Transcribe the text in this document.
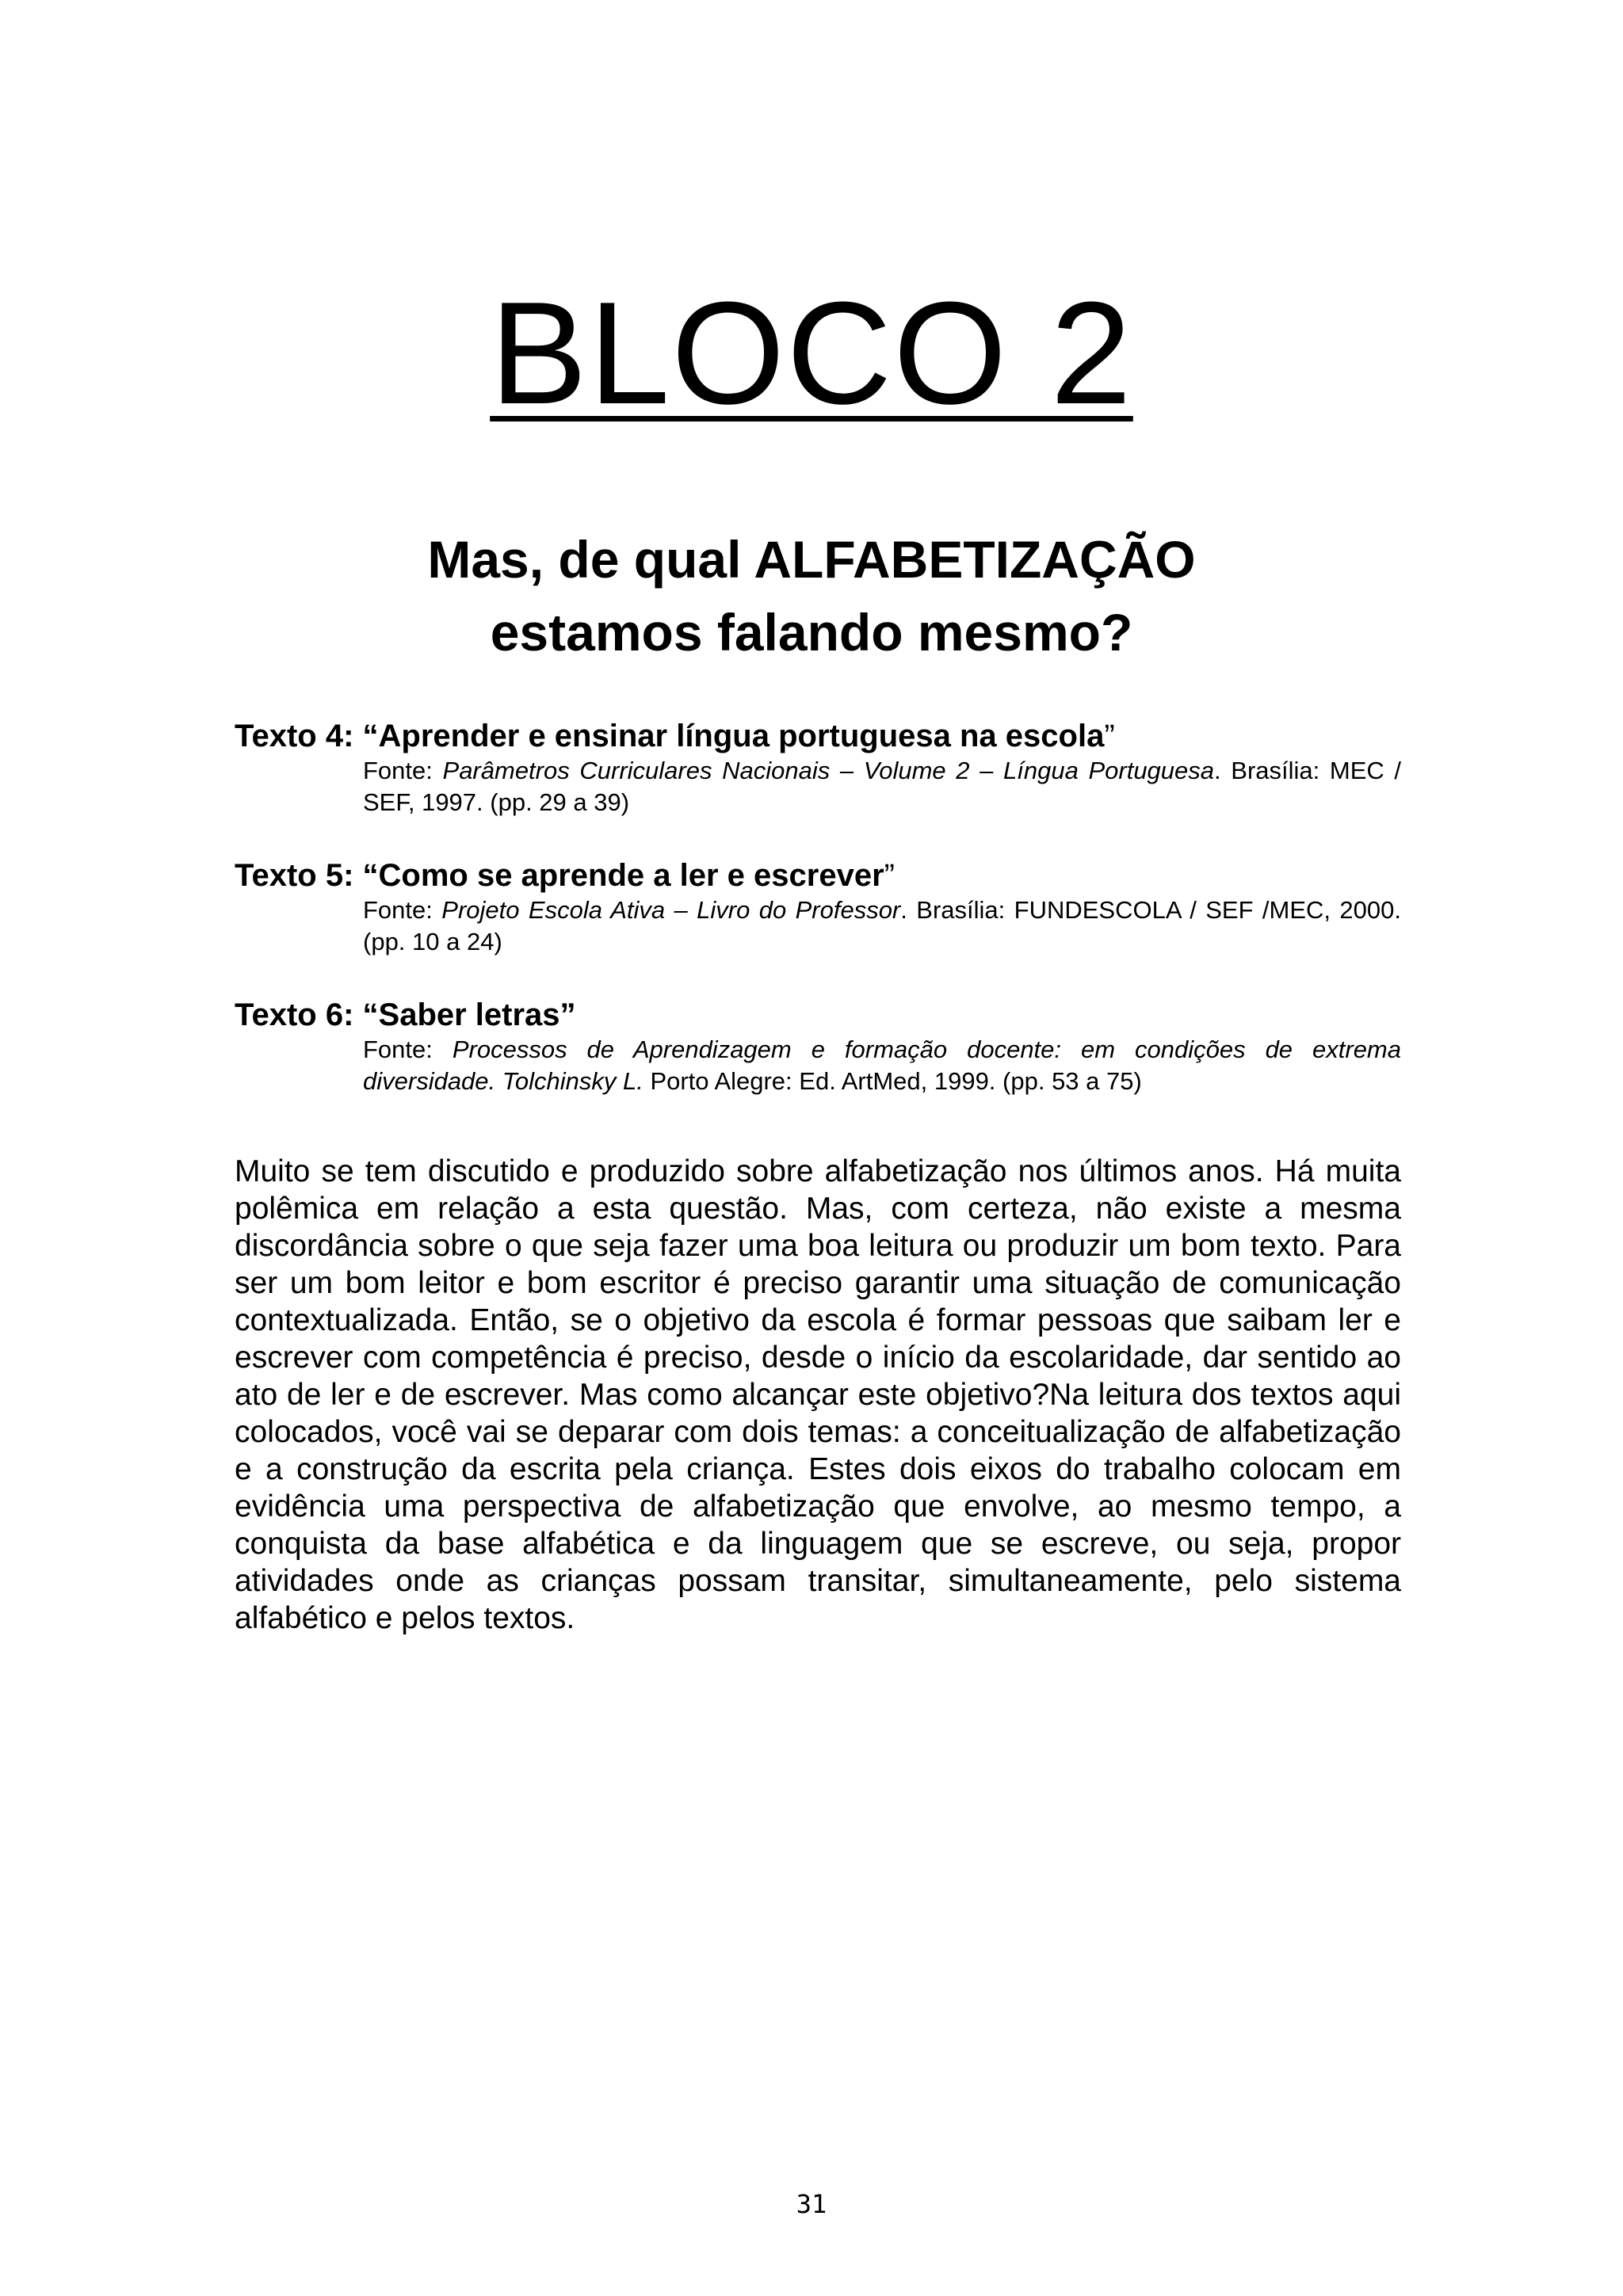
BLOCO 2
Mas, de qual ALFABETIZAÇÃO
estamos falando mesmo?
Texto 4: “Aprender e ensinar língua portuguesa na escola”
Fonte: Parâmetros Curriculares Nacionais – Volume 2 – Língua Portuguesa. Brasília: MEC / SEF, 1997. (pp. 29 a 39)
Texto 5: “Como se aprende a ler e escrever”
Fonte: Projeto Escola Ativa – Livro do Professor. Brasília: FUNDESCOLA / SEF /MEC, 2000. (pp. 10 a 24)
Texto 6: “Saber letras”
Fonte: Processos de Aprendizagem e formação docente: em condições de extrema diversidade. Tolchinsky L. Porto Alegre: Ed. ArtMed, 1999. (pp. 53 a 75)

Muito se tem discutido e produzido sobre alfabetização nos últimos anos. Há muita polêmica em relação a esta questão. Mas, com certeza, não existe a mesma discordância sobre o que seja fazer uma boa leitura ou produzir um bom texto. Para ser um bom leitor e bom escritor é preciso garantir uma situação de comunicação contextualizada. Então, se o objetivo da escola é formar pessoas que saibam ler e escrever com competência é preciso, desde o início da escolaridade, dar sentido ao ato de ler e de escrever. Mas como alcançar este objetivo?Na leitura dos textos aqui colocados, você vai se deparar com dois temas: a conceitualização de alfabetização e a construção da escrita pela criança. Estes dois eixos do trabalho colocam em evidência uma perspectiva de alfabetização que envolve, ao mesmo tempo, a conquista da base alfabética e da linguagem que se escreve, ou seja, propor atividades onde as crianças possam transitar, simultaneamente, pelo sistema alfabético e pelos textos.

31
